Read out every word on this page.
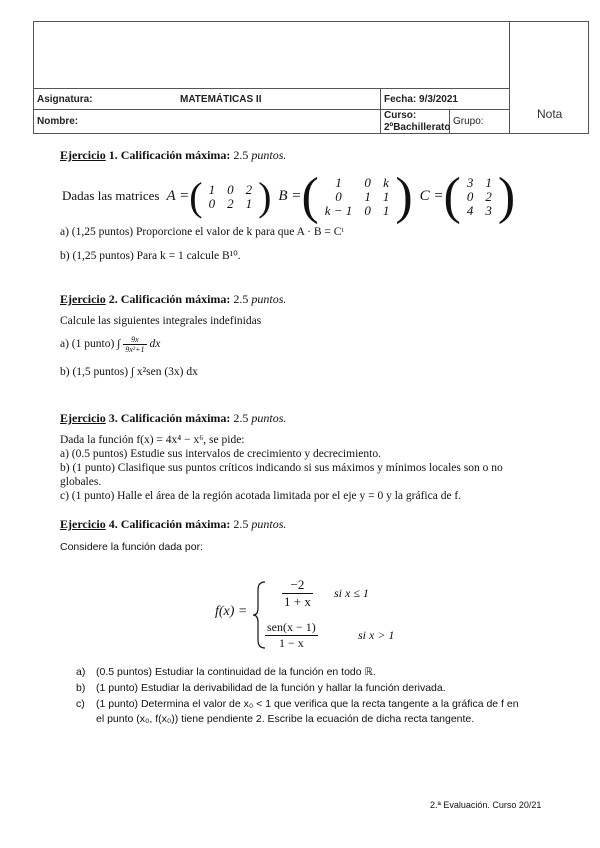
Asignatura:	MATEMÁTICAS II	Fecha: 9/3/2021
Nombre:
Curso:
2ºBachillerato
Grupo:
Nota
Ejercicio 1. Calificación máxima: 2.5 puntos.
Dadas las matrices  A =( 1	0	2
0	2	1 )  B =( 1	0	k
0	1	1
k − 1	0	1 )  C =( 3	1
0	2
4	3 )
a) (1,25 puntos) Proporcione el valor de k para que A · B = Cᵗ
b) (1,25 puntos) Para k = 1 calcule B¹⁰.
Ejercicio 2. Calificación máxima: 2.5 puntos.
Calcule las siguientes integrales indefinidas
a) (1 punto) ∫ $\frac{9x}{\text{9x²+1}}$ dx
b) (1,5 puntos) ∫ x²sen (3x) dx
Ejercicio 3. Calificación máxima: 2.5 puntos.
Dada la función f(x) = 4x⁴ − x⁶, se pide:
a) (0.5 puntos) Estudie sus intervalos de crecimiento y decrecimiento.
b) (1 punto) Clasifique sus puntos críticos indicando si sus máximos y mínimos locales son o no
globales.
c) (1 punto) Halle el área de la región acotada limitada por el eje y = 0 y la gráfica de f.
Ejercicio 4. Calificación máxima: 2.5 puntos.
Considere la función dada por:
f(x) =
$\frac{-2}{1 + x}$ si x ≤ 1
$\frac{\text{sen(x − 1)}}{1 - x}$	si x > 1
a) (0.5 puntos) Estudiar la continuidad de la función en todo ℝ.
b) (1 punto) Estudiar la derivabilidad de la función y hallar la función derivada.
c) (1 punto) Determina el valor de x₀ < 1 que verifica que la recta tangente a la gráfica de f en
el punto (x₀, f(x₀)) tiene pendiente 2. Escribe la ecuación de dicha recta tangente.
2.ª Evaluación. Curso 20/21
